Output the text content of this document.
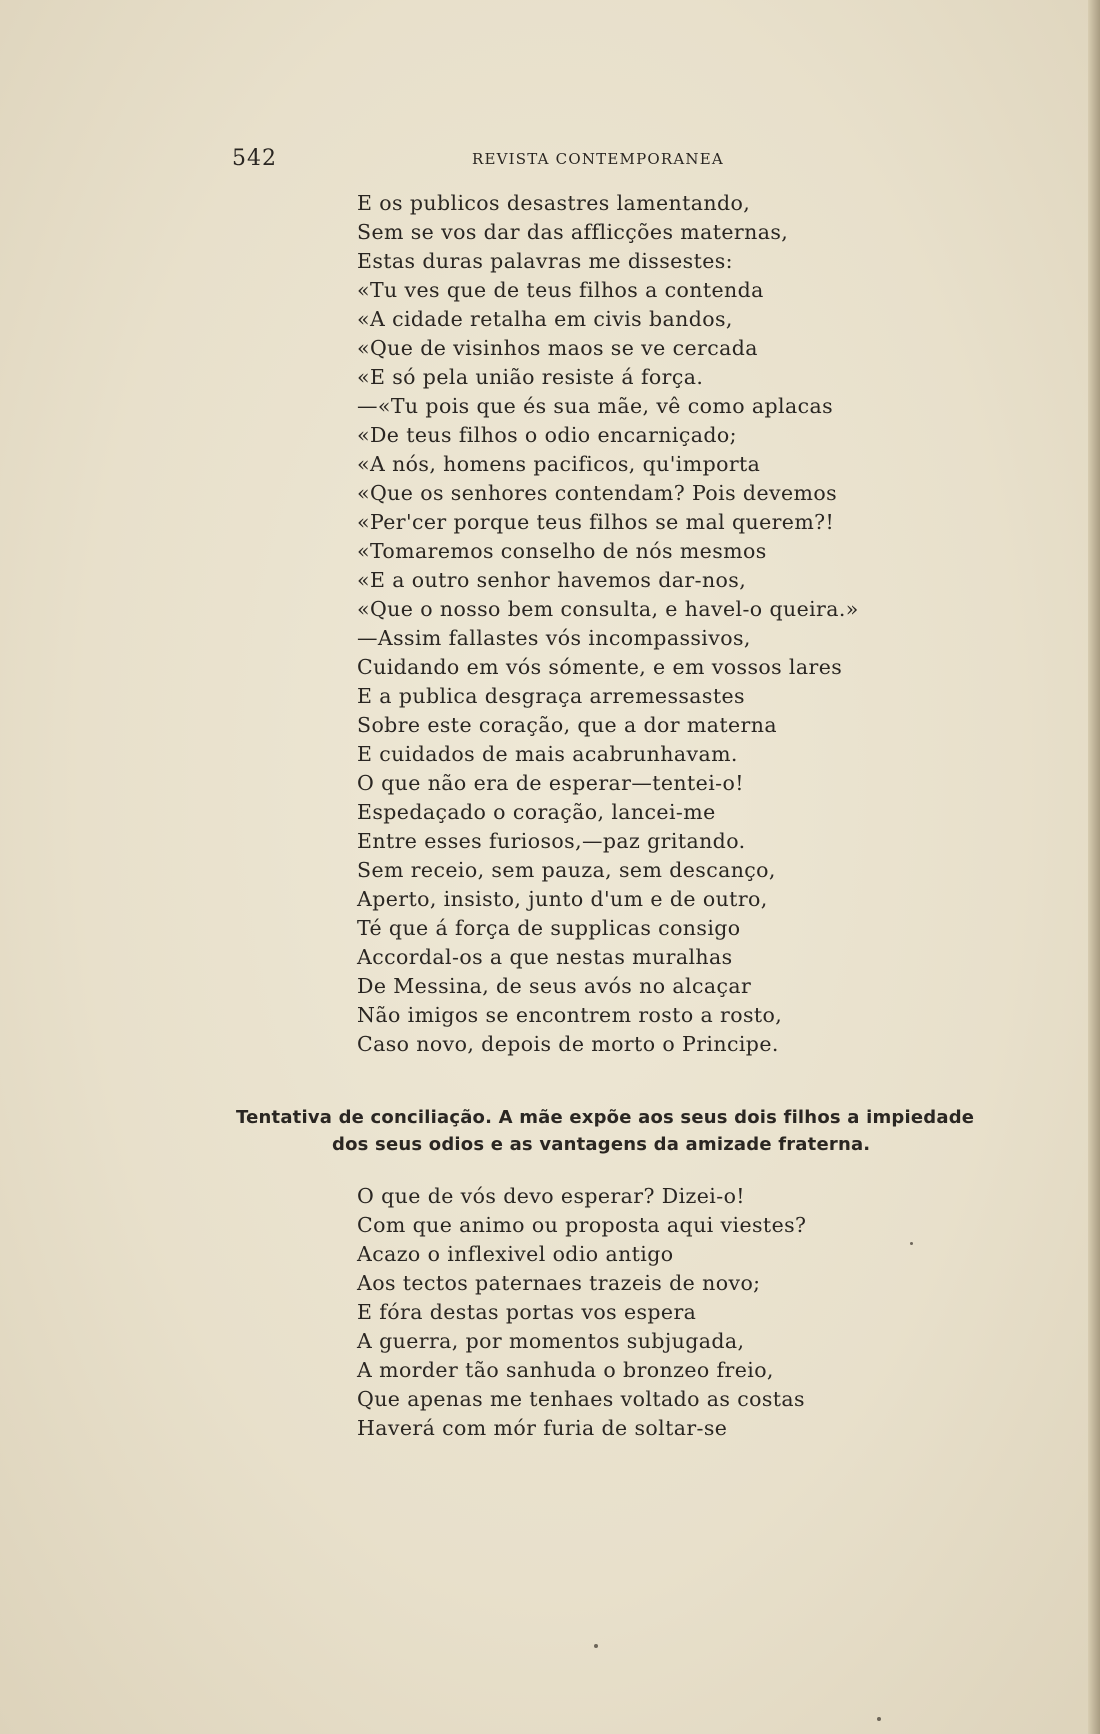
542	REVISTA CONTEMPORANEA
E os publicos desastres lamentando,
Sem se vos dar das afflicções maternas,
Estas duras palavras me dissestes:
«Tu ves que de teus filhos a contenda
«A cidade retalha em civis bandos,
«Que de visinhos maos se ve cercada
«E só pela união resiste á força.
—«Tu pois que és sua mãe, vê como aplacas
«De teus filhos o odio encarniçado;
«A nós, homens pacificos, qu'importa
«Que os senhores contendam? Pois devemos
«Per'cer porque teus filhos se mal querem?!
«Tomaremos conselho de nós mesmos
«E a outro senhor havemos dar-nos,
«Que o nosso bem consulta, e havel-o queira.»
—Assim fallastes vós incompassivos,
Cuidando em vós sómente, e em vossos lares
E a publica desgraça arremessastes
Sobre este coração, que a dor materna
E cuidados de mais acabrunhavam.
O que não era de esperar—tentei-o!
Espedaçado o coração, lancei-me
Entre esses furiosos,—paz gritando.
Sem receio, sem pauza, sem descanço,
Aperto, insisto, junto d'um e de outro,
Té que á força de supplicas consigo
Accordal-os a que nestas muralhas
De Messina, de seus avós no alcaçar
Não imigos se encontrem rosto a rosto,
Caso novo, depois de morto o Principe.
Tentativa de conciliação. A mãe expõe aos seus dois filhos a impiedade
dos seus odios e as vantagens da amizade fraterna.
O que de vós devo esperar? Dizei-o!
Com que animo ou proposta aqui viestes?
Acazo o inflexivel odio antigo
Aos tectos paternaes trazeis de novo;
E fóra destas portas vos espera
A guerra, por momentos subjugada,
A morder tão sanhuda o bronzeo freio,
Que apenas me tenhaes voltado as costas
Haverá com mór furia de soltar-se
